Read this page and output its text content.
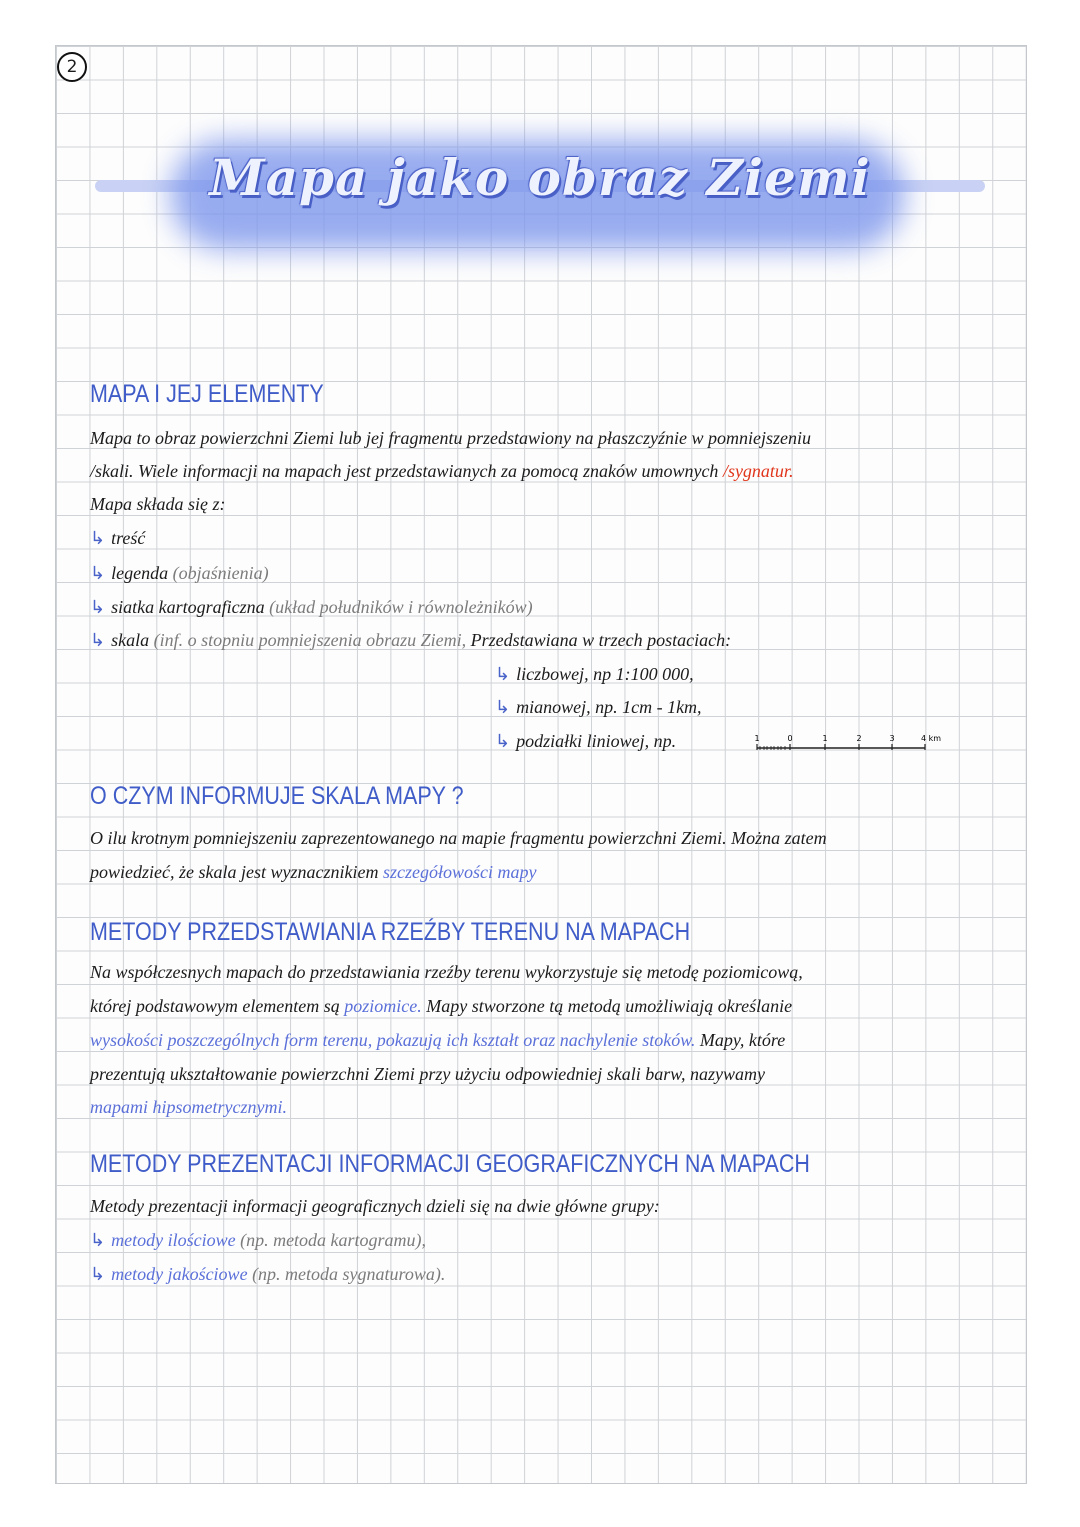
2
Mapa jako obraz Ziemi
MAPA I JEJ ELEMENTY
Mapa to obraz powierzchni Ziemi lub jej fragmentu przedstawiony na płaszczyźnie w pomniejszeniu
/skali. Wiele informacji na mapach jest przedstawianych za pomocą znaków umownych /sygnatur.
Mapa składa się z:
↳ treść
↳ legenda (objaśnienia)
↳ siatka kartograficzna (układ południków i równoleżników)
↳ skala (inf. o stopniu pomniejszenia obrazu Ziemi, Przedstawiana w trzech postaciach:
↳ liczbowej, np 1:100 000,
↳ mianowej, np. 1cm - 1km,
↳ podziałki liniowej, np.	1	0	1	2	3	4 km
O CZYM INFORMUJE SKALA MAPY ?
O ilu krotnym pomniejszeniu zaprezentowanego na mapie fragmentu powierzchni Ziemi. Można zatem
powiedzieć, że skala jest wyznacznikiem szczegółowości mapy
METODY PRZEDSTAWIANIA RZEŹBY TERENU NA MAPACH
Na współczesnych mapach do przedstawiania rzeźby terenu wykorzystuje się metodę poziomicową,
której podstawowym elementem są poziomice. Mapy stworzone tą metodą umożliwiają określanie
wysokości poszczególnych form terenu, pokazują ich kształt oraz nachylenie stoków. Mapy, które
prezentują ukształtowanie powierzchni Ziemi przy użyciu odpowiedniej skali barw, nazywamy
mapami hipsometrycznymi.
METODY PREZENTACJI INFORMACJI GEOGRAFICZNYCH NA MAPACH
Metody prezentacji informacji geograficznych dzieli się na dwie główne grupy:
↳ metody ilościowe (np. metoda kartogramu),
↳ metody jakościowe (np. metoda sygnaturowa).
